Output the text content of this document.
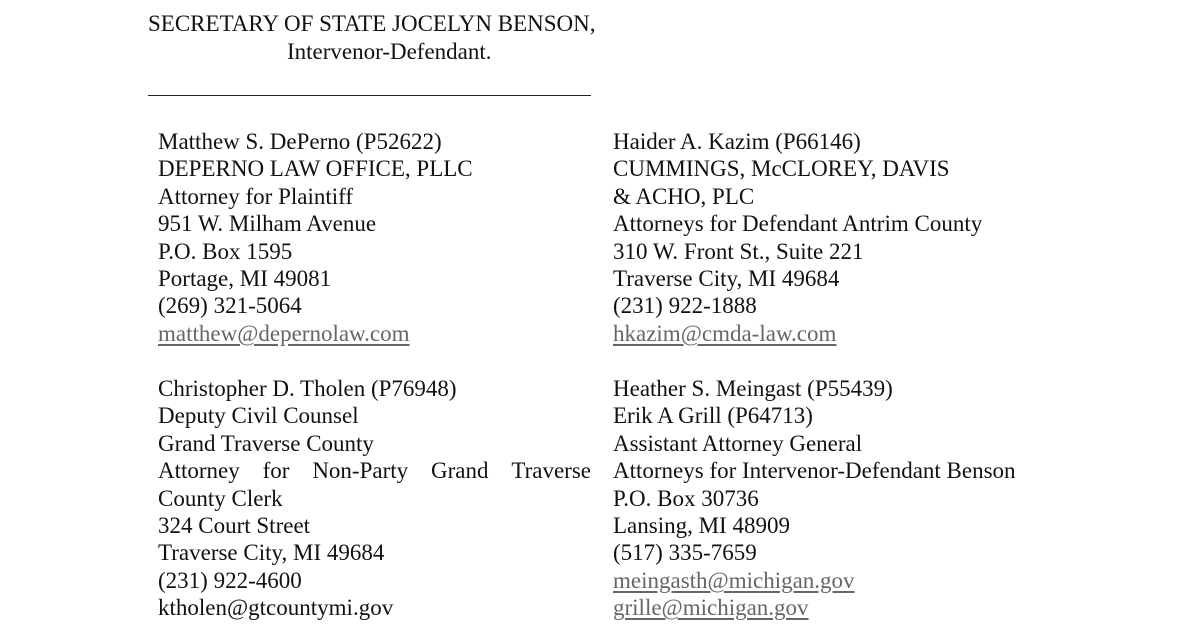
SECRETARY OF STATE JOCELYN BENSON,
Intervenor-Defendant.
Matthew S. DePerno (P52622)
DEPERNO LAW OFFICE, PLLC
Attorney for Plaintiff
951 W. Milham Avenue
P.O. Box 1595
Portage, MI 49081
(269) 321-5064
matthew@depernolaw.com
Haider A. Kazim (P66146)
CUMMINGS, McCLOREY, DAVIS
& ACHO, PLC
Attorneys for Defendant Antrim County
310 W. Front St., Suite 221
Traverse City, MI 49684
(231) 922-1888
hkazim@cmda-law.com
Christopher D. Tholen (P76948)
Deputy Civil Counsel
Grand Traverse County
Attorney for Non-Party Grand Traverse
County Clerk
324 Court Street
Traverse City, MI 49684
(231) 922-4600
ktholen@gtcountymi.gov
Heather S. Meingast (P55439)
Erik A Grill (P64713)
Assistant Attorney General
Attorneys for Intervenor-Defendant Benson
P.O. Box 30736
Lansing, MI 48909
(517) 335-7659
meingasth@michigan.gov
grille@michigan.gov
